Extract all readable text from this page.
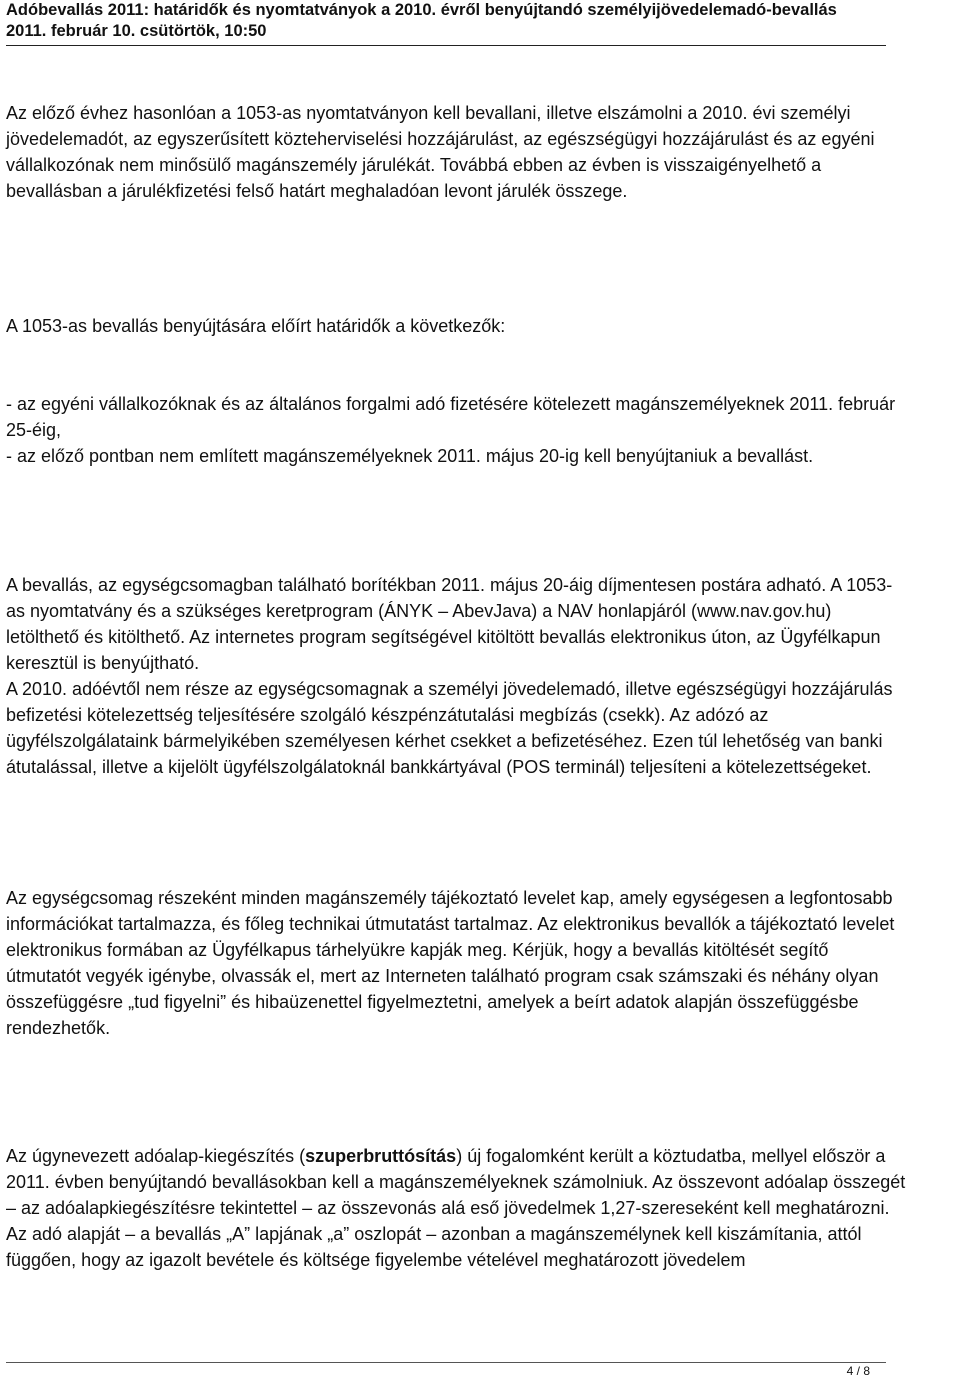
Adóbevallás 2011: határidők és nyomtatványok a 2010. évről benyújtandó személyijövedelemadó-bevallás
2011. február 10. csütörtök, 10:50

Az előző évhez hasonlóan a 1053-as nyomtatványon kell bevallani, illetve elszámolni a 2010. évi személyi jövedelemadót, az egyszerűsített közteherviselési hozzájárulást, az egészségügyi hozzájárulást és az egyéni vállalkozónak nem minősülő magánszemély járulékát. Továbbá ebben az évben is visszaigényelhető a bevallásban a járulékfizetési felső határt meghaladóan levont járulék összege.

A 1053-as bevallás benyújtására előírt határidők a következők:

- az egyéni vállalkozóknak és az általános forgalmi adó fizetésére kötelezett magánszemélyeknek 2011. február 25-éig,

- az előző pontban nem említett magánszemélyeknek 2011. május 20-ig kell benyújtaniuk a bevallást.

A bevallás, az egységcsomagban található borítékban 2011. május 20-áig díjmentesen postára adható. A 1053-as nyomtatvány és a szükséges keretprogram (ÁNYK – AbevJava) a NAV honlapjáról (www.nav.gov.hu) letölthető és kitölthető. Az internetes program segítségével kitöltött bevallás elektronikus úton, az Ügyfélkapun keresztül is benyújtható.

A 2010. adóévtől nem része az egységcsomagnak a személyi jövedelemadó, illetve egészségügyi hozzájárulás befizetési kötelezettség teljesítésére szolgáló készpénzátutalási megbízás (csekk). Az adózó az ügyfélszolgálataink bármelyikében személyesen kérhet csekket a befizetéséhez. Ezen túl lehetőség van banki átutalással, illetve a kijelölt ügyfélszolgálatoknál bankkártyával (POS terminál) teljesíteni a kötelezettségeket.

Az egységcsomag részeként minden magánszemély tájékoztató levelet kap, amely egységesen a legfontosabb információkat tartalmazza, és főleg technikai útmutatást tartalmaz. Az elektronikus bevallók a tájékoztató levelet elektronikus formában az Ügyfélkapus tárhelyükre kapják meg. Kérjük, hogy a bevallás kitöltését segítő útmutatót vegyék igénybe, olvassák el, mert az Interneten található program csak számszaki és néhány olyan összefüggésre „tud figyelni” és hibaüzenettel figyelmeztetni, amelyek a beírt adatok alapján összefüggésbe rendezhetők.

Az úgynevezett adóalap-kiegészítés (szuperbruttósítás) új fogalomként került a köztudatba, mellyel először a 2011. évben benyújtandó bevallásokban kell a magánszemélyeknek számolniuk. Az összevont adóalap összegét – az adóalapkiegészítésre tekintettel – az összevonás alá eső jövedelmek 1,27-szereseként kell meghatározni. Az adó alapját – a bevallás „A” lapjának „a” oszlopát – azonban a magánszemélynek kell kiszámítania, attól függően, hogy az igazolt bevétele és költsége figyelembe vételével meghatározott jövedelem

4 / 8
